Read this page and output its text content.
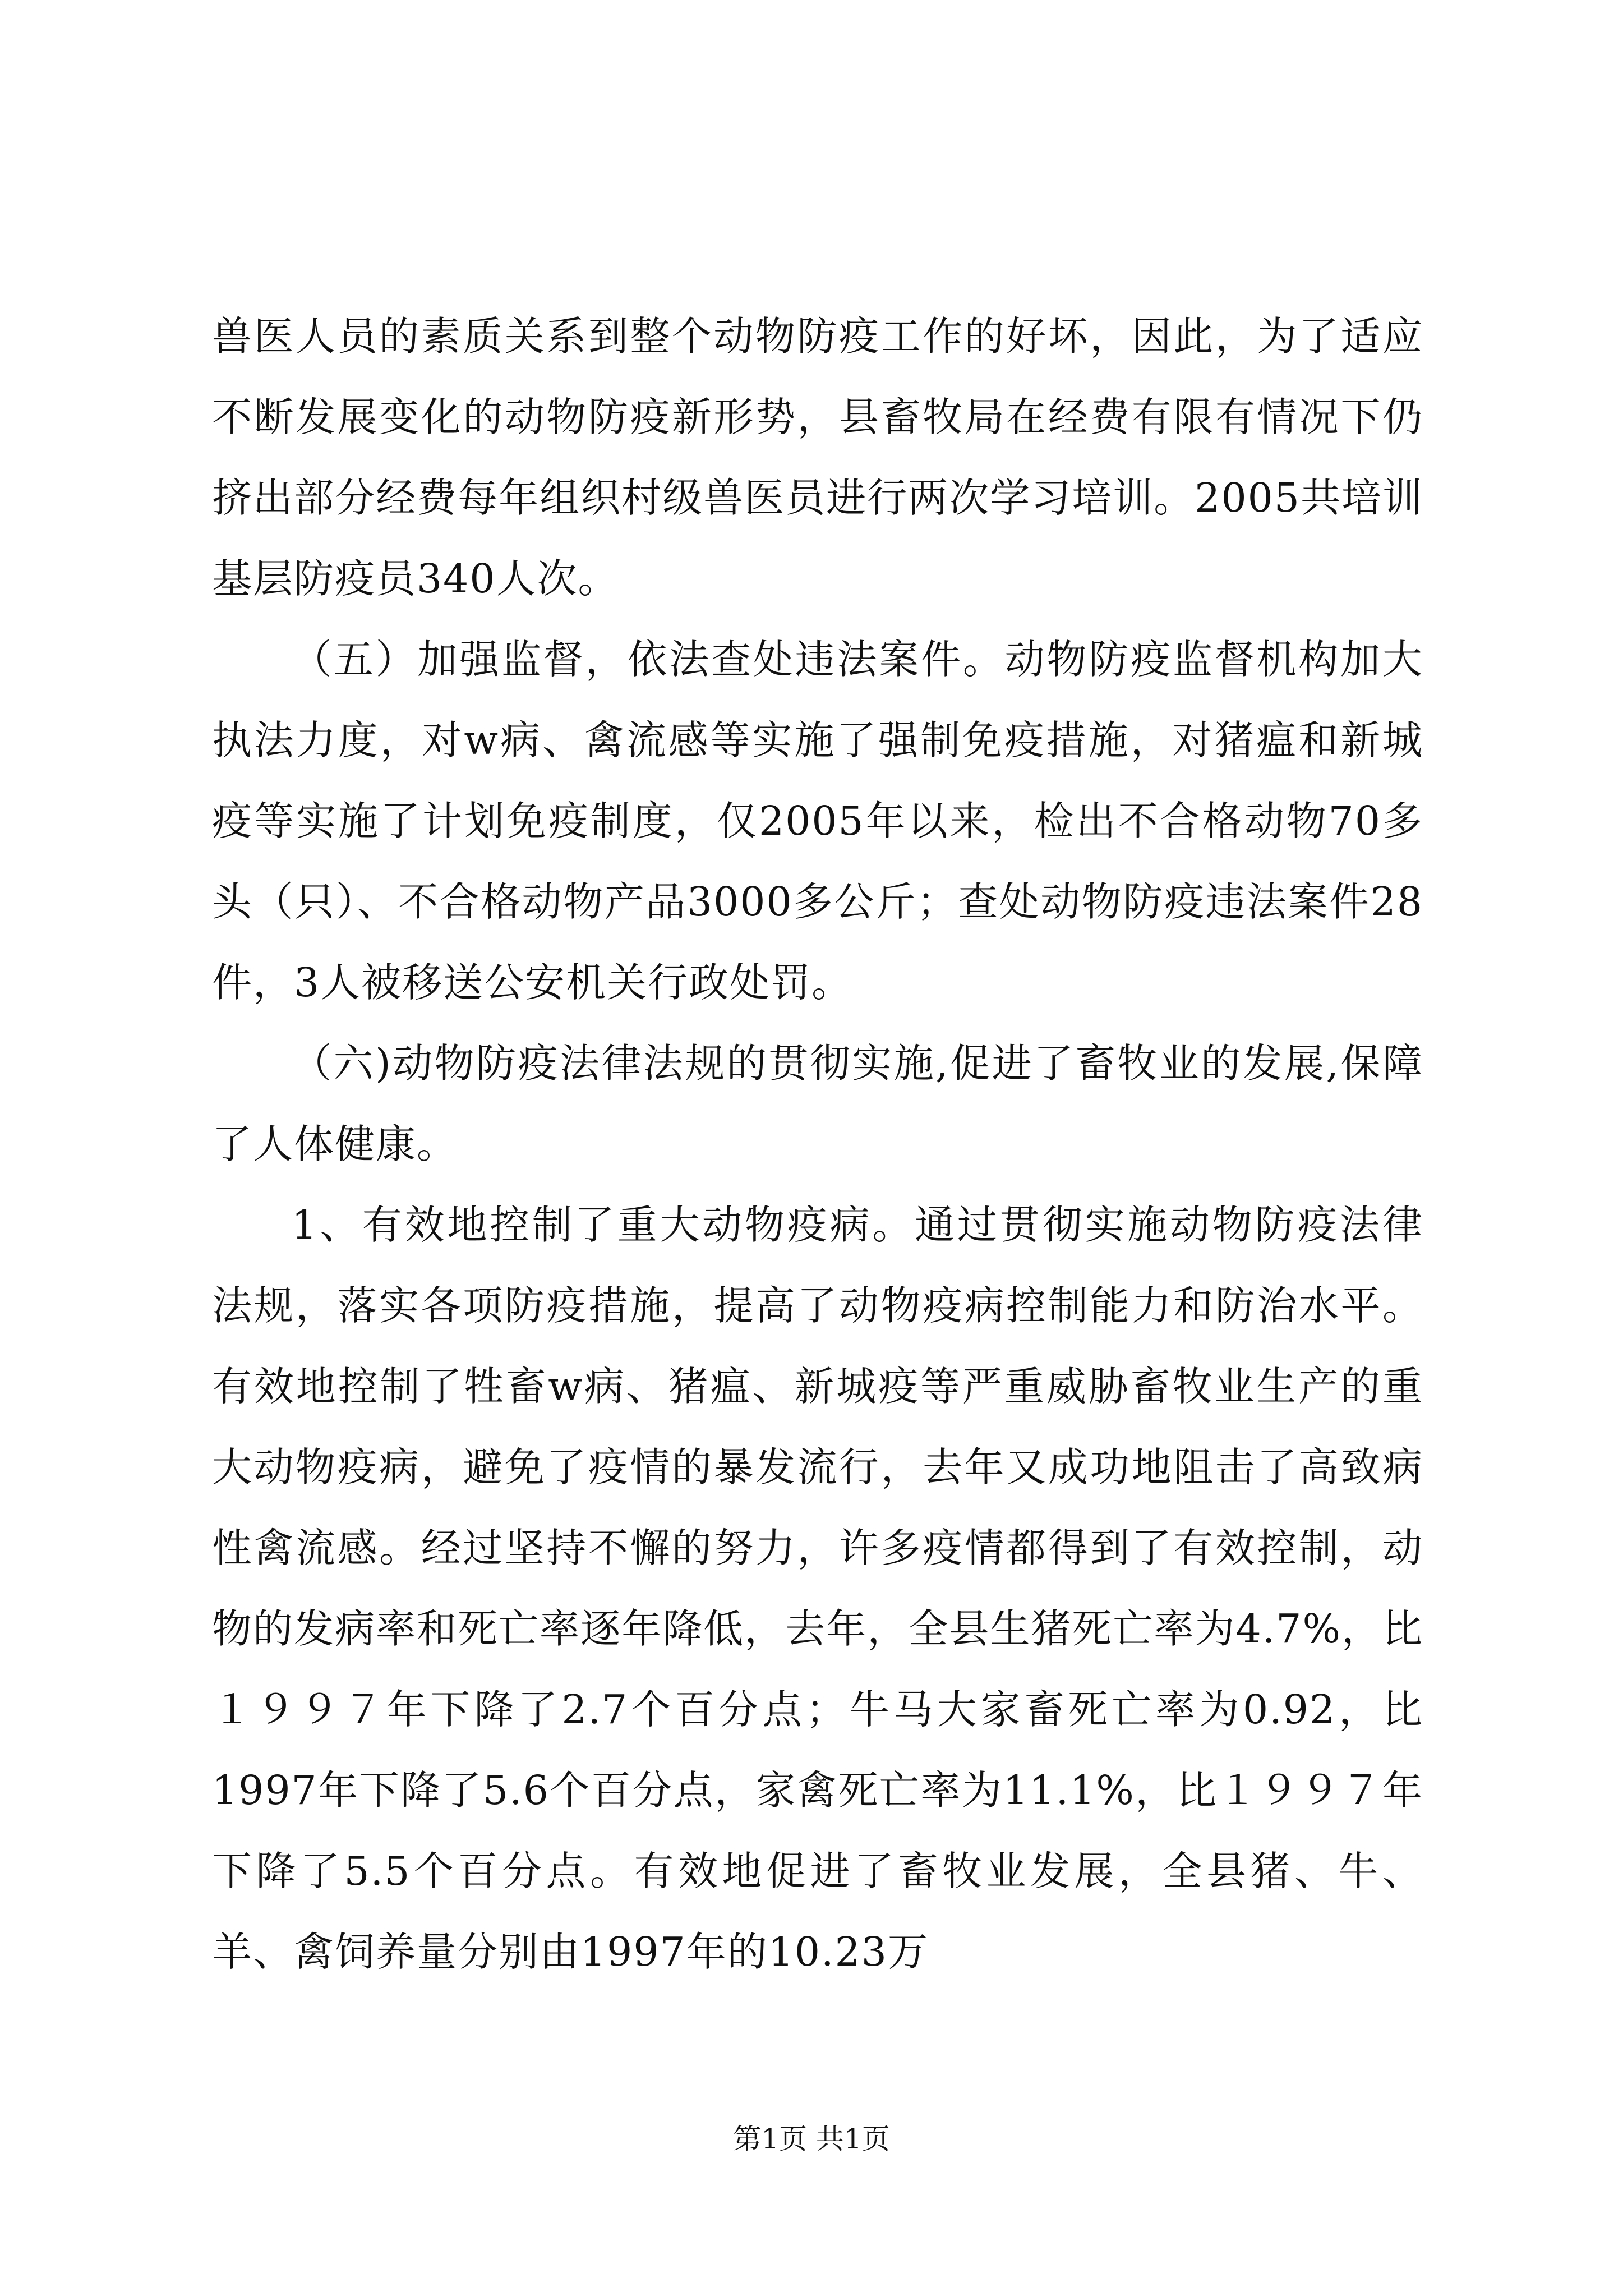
兽医人员的素质关系到整个动物防疫工作的好坏，因此，为了适应不断发展变化的动物防疫新形势，县畜牧局在经费有限有情况下仍挤出部分经费每年组织村级兽医员进行两次学习培训。2005共培训基层防疫员340人次。

（五）加强监督，依法查处违法案件。动物防疫监督机构加大执法力度，对w病、禽流感等实施了强制免疫措施，对猪瘟和新城疫等实施了计划免疫制度，仅2005年以来，检出不合格动物70多头（只）、不合格动物产品3000多公斤；查处动物防疫违法案件28件，3人被移送公安机关行政处罚。

（六)动物防疫法律法规的贯彻实施,促进了畜牧业的发展,保障了人体健康。

1、有效地控制了重大动物疫病。通过贯彻实施动物防疫法律法规，落实各项防疫措施，提高了动物疫病控制能力和防治水平。有效地控制了牲畜w病、猪瘟、新城疫等严重威胁畜牧业生产的重大动物疫病，避免了疫情的暴发流行，去年又成功地阻击了高致病性禽流感。经过坚持不懈的努力，许多疫情都得到了有效控制，动物的发病率和死亡率逐年降低，去年，全县生猪死亡率为4.7%，比１９９７年下降了2.7个百分点；牛马大家畜死亡率为0.92，比1997年下降了5.6个百分点，家禽死亡率为11.1%，比１９９７年下降了5.5个百分点。有效地促进了畜牧业发展，全县猪、牛、羊、禽饲养量分别由1997年的10.23万

第1页 共1页
